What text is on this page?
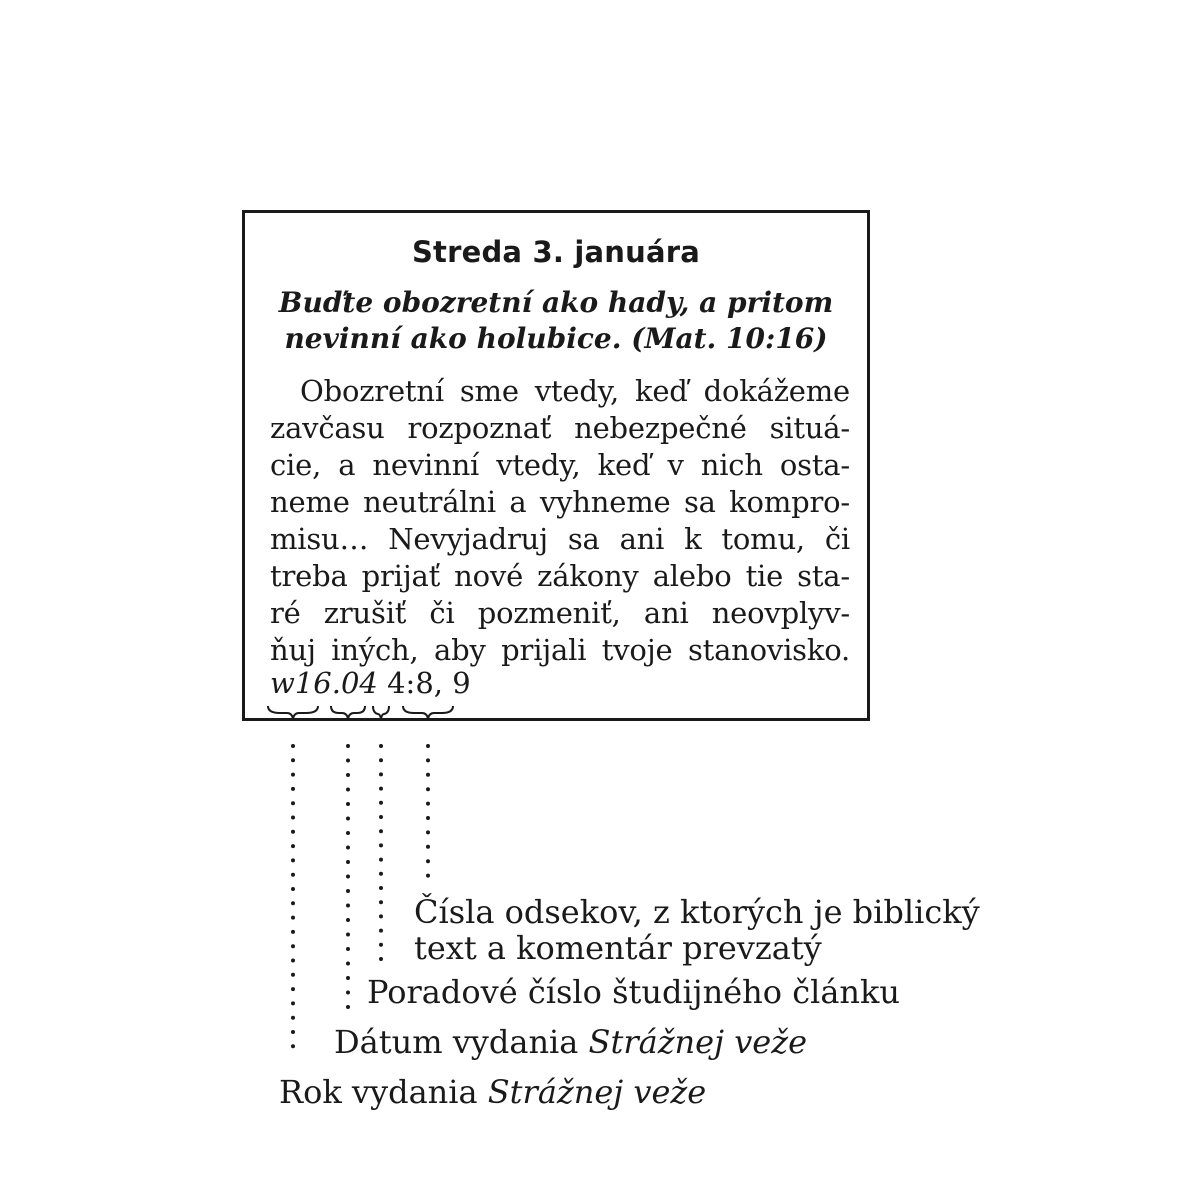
Streda 3. januára
Buďte obozretní ako hady, a pritom
nevinní ako holubice. (Mat. 10:16)
Obozretní sme vtedy, keď dokážeme
zavčasu rozpoznať nebezpečné situá-
cie, a nevinní vtedy, keď v nich osta-
neme neutrálni a vyhneme sa kompro-
misu… Nevyjadruj sa ani k tomu, či
treba prijať nové zákony alebo tie sta-
ré zrušiť či pozmeniť, ani neovplyv-
ňuj iných, aby prijali tvoje stanovisko.
w16.04 4:8, 9
Čísla odsekov, z ktorých je biblický
text a komentár prevzatý
Poradové číslo študijného článku
Dátum vydania Strážnej veže
Rok vydania Strážnej veže
